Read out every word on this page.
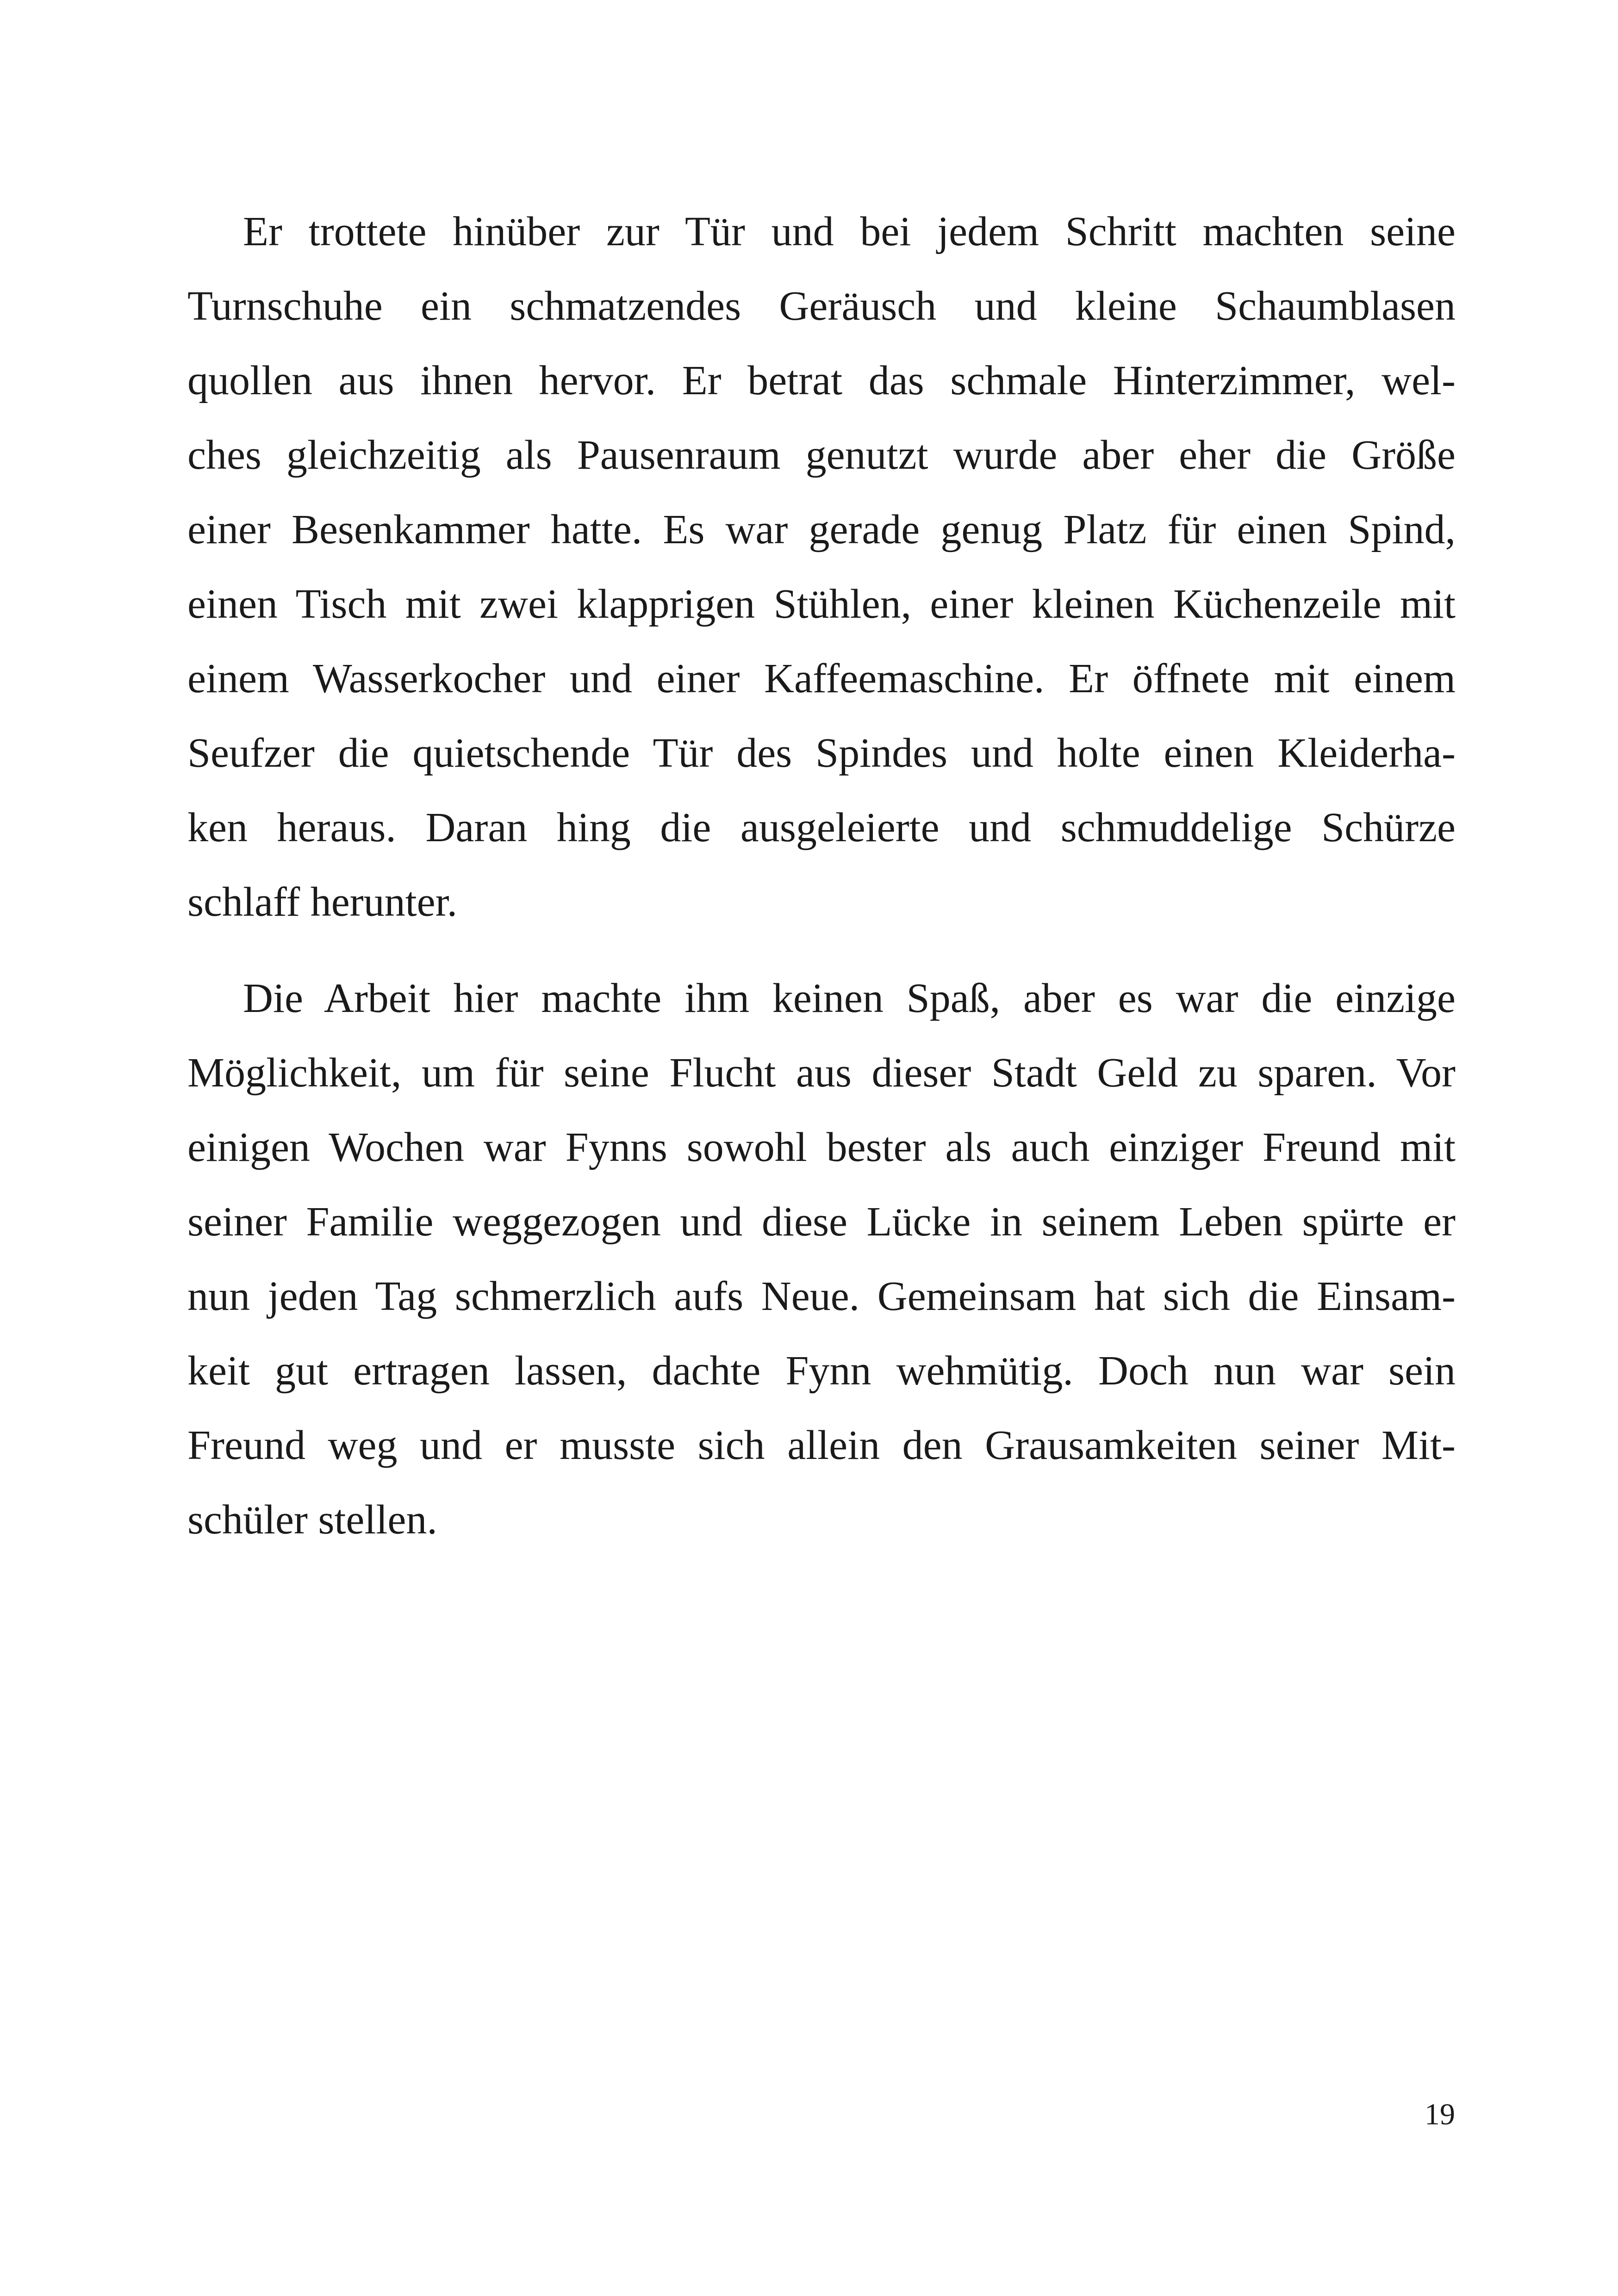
Er trottete hinüber zur Tür und bei jedem Schritt machten seine
Turnschuhe ein schmatzendes Geräusch und kleine Schaumblasen
quollen aus ihnen hervor. Er betrat das schmale Hinterzimmer, wel-
ches gleichzeitig als Pausenraum genutzt wurde aber eher die Größe
einer Besenkammer hatte. Es war gerade genug Platz für einen Spind,
einen Tisch mit zwei klapprigen Stühlen, einer kleinen Küchenzeile mit
einem Wasserkocher und einer Kaffeemaschine. Er öffnete mit einem
Seufzer die quietschende Tür des Spindes und holte einen Kleiderha-
ken heraus. Daran hing die ausgeleierte und schmuddelige Schürze
schlaff herunter.
Die Arbeit hier machte ihm keinen Spaß, aber es war die einzige
Möglichkeit, um für seine Flucht aus dieser Stadt Geld zu sparen. Vor
einigen Wochen war Fynns sowohl bester als auch einziger Freund mit
seiner Familie weggezogen und diese Lücke in seinem Leben spürte er
nun jeden Tag schmerzlich aufs Neue. Gemeinsam hat sich die Einsam-
keit gut ertragen lassen, dachte Fynn wehmütig. Doch nun war sein
Freund weg und er musste sich allein den Grausamkeiten seiner Mit-
schüler stellen.
19
